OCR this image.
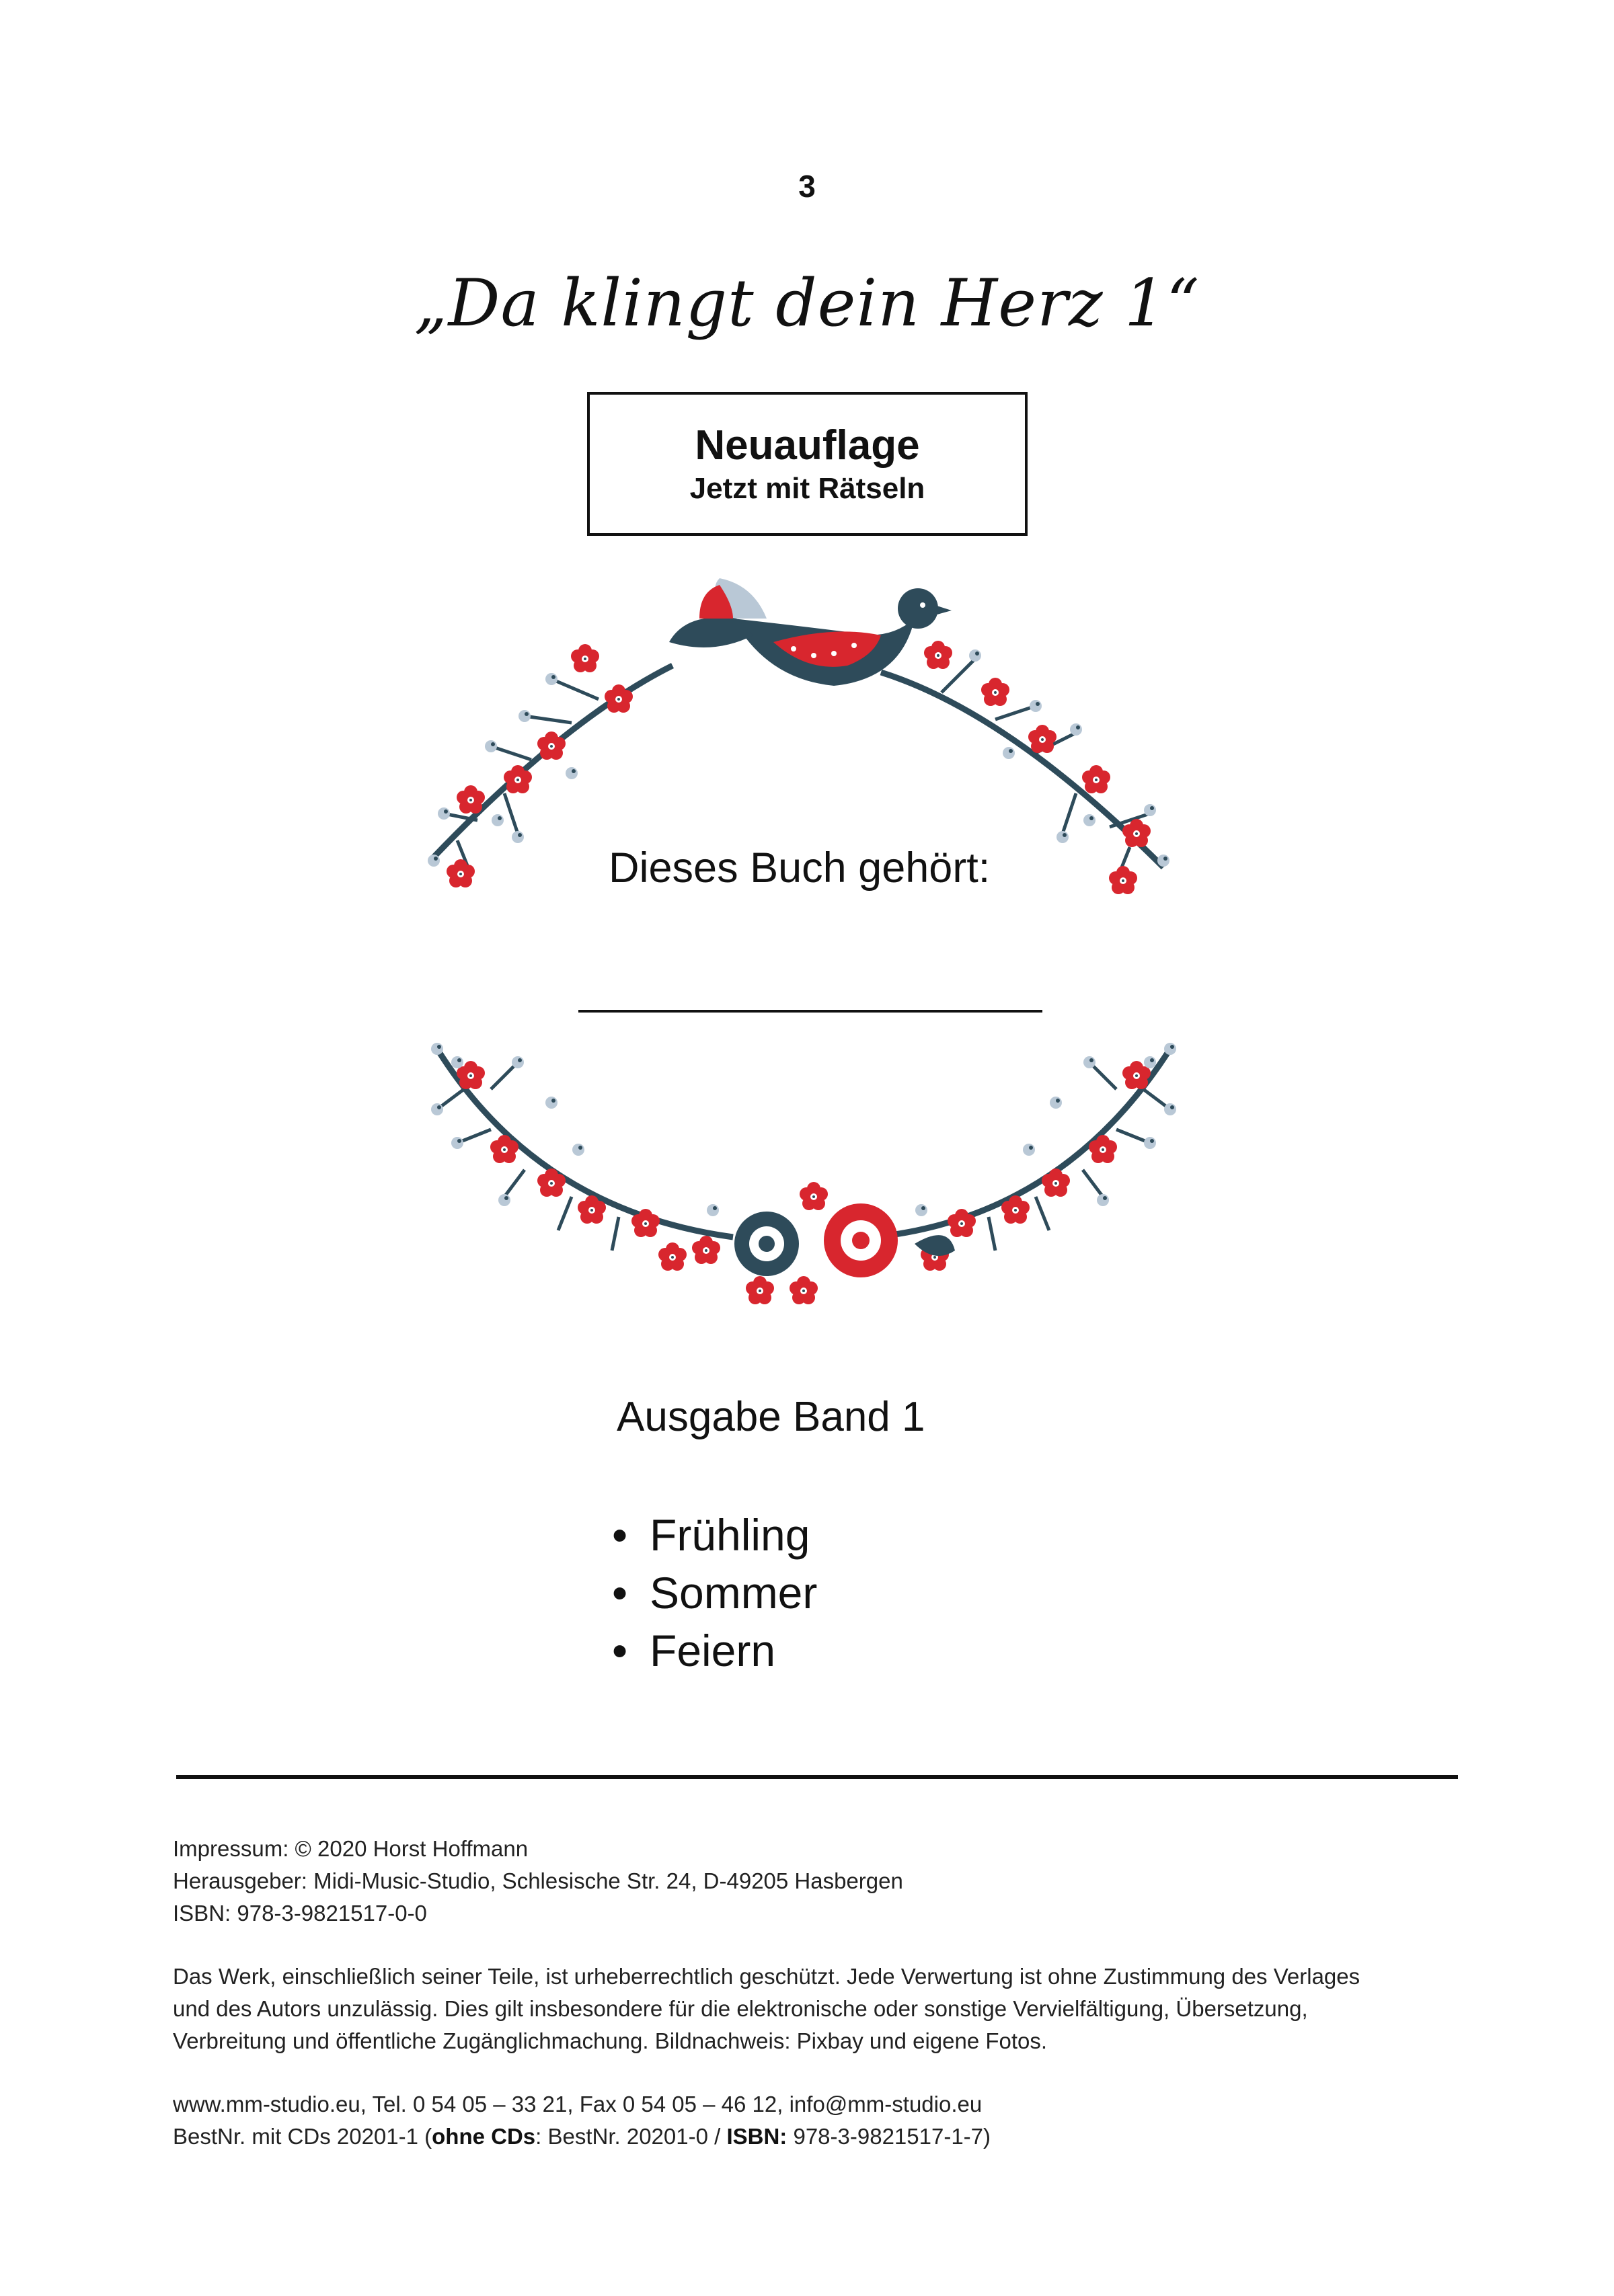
3
„Da klingt dein Herz 1“
Neuauflage
Jetzt mit Rätseln
Dieses Buch gehört:
Ausgabe Band 1
• Frühling
• Sommer
• Feiern
Impressum: © 2020 Horst Hoffmann
Herausgeber: Midi-Music-Studio, Schlesische Str. 24, D-49205 Hasbergen
ISBN: 978-3-9821517-0-0
Das Werk, einschließlich seiner Teile, ist urheberrechtlich geschützt. Jede Verwertung ist ohne Zustimmung des Verlages
und des Autors unzulässig. Dies gilt insbesondere für die elektronische oder sonstige Vervielfältigung, Übersetzung,
Verbreitung und öffentliche Zugänglichmachung. Bildnachweis: Pixbay und eigene Fotos.
www.mm-studio.eu, Tel. 0 54 05 – 33 21, Fax 0 54 05 – 46 12, info@mm-studio.eu
BestNr. mit CDs 20201-1 (ohne CDs: BestNr. 20201-0 / ISBN: 978-3-9821517-1-7)
